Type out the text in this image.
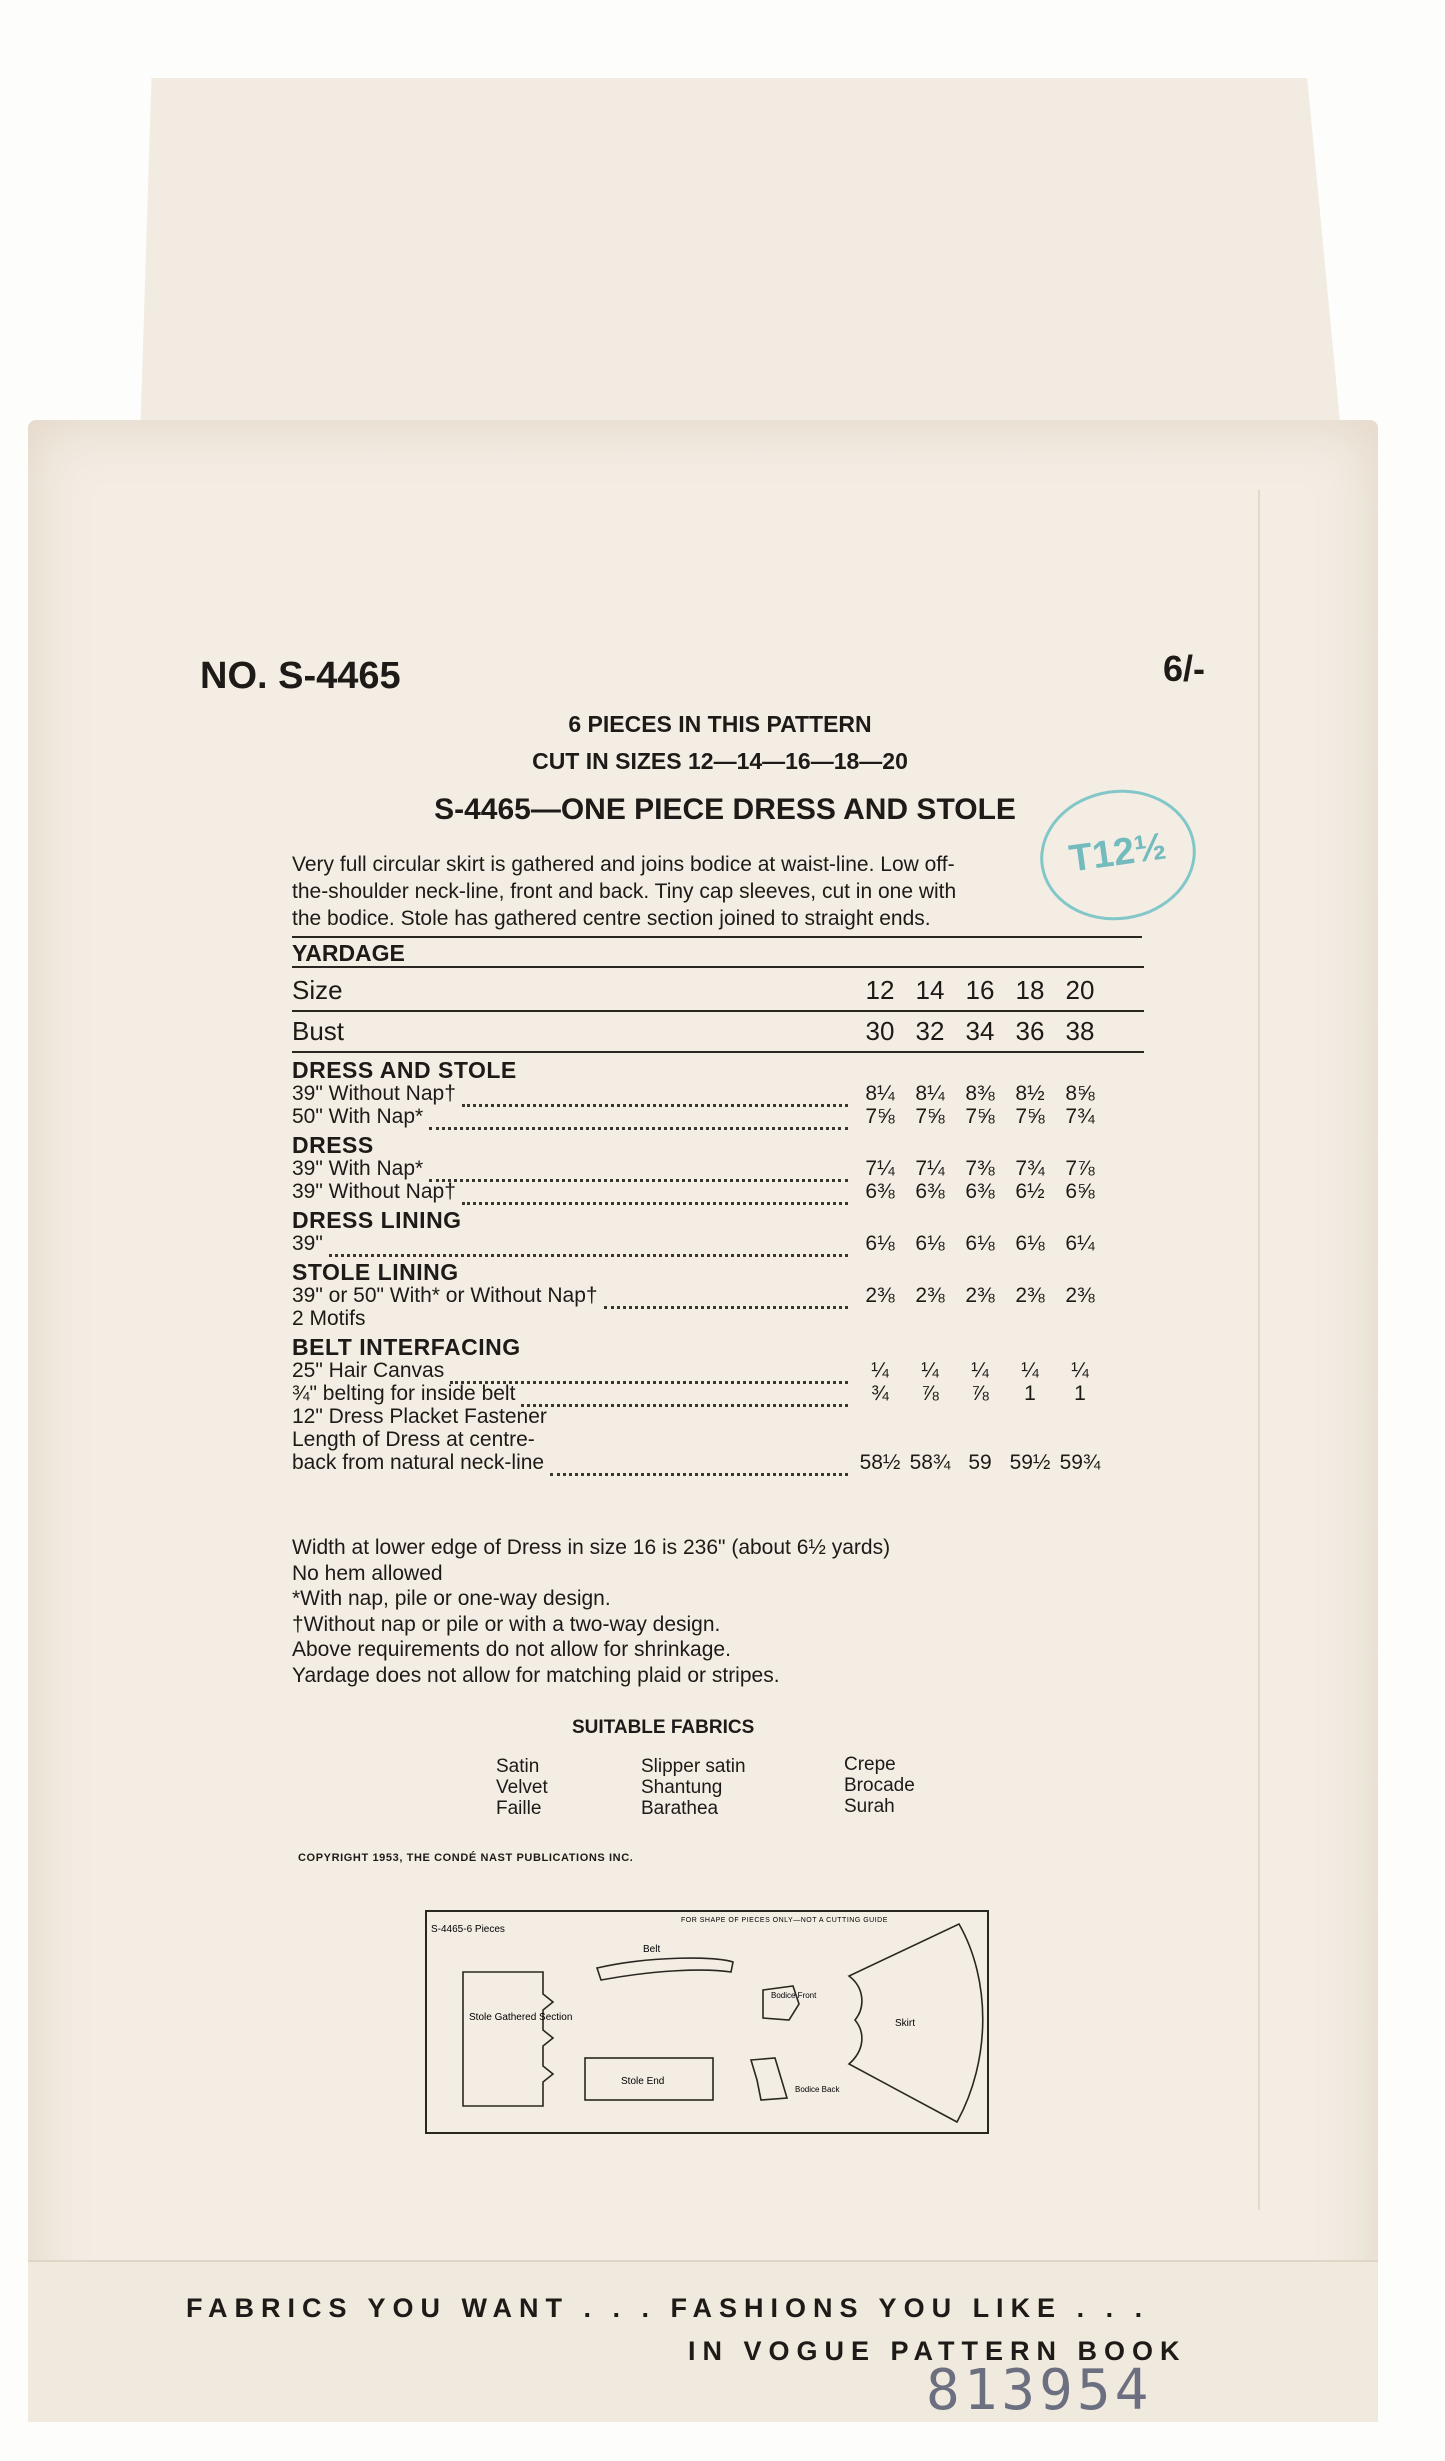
NO. S-4465	6/-
6 PIECES IN THIS PATTERN
CUT IN SIZES 12—14—16—18—20
S-4465—ONE PIECE DRESS AND STOLE
T12½
Very full circular skirt is gathered and joins bodice at waist-line. Low off-
the-shoulder neck-line, front and back. Tiny cap sleeves, cut in one with
the bodice. Stole has gathered centre section joined to straight ends.
YARDAGE
Size	12 14 16 18 20
Bust	30 32 34 36 38
DRESS AND STOLE
39" Without Nap†	8¼ 8¼ 8⅜ 8½ 8⅝
50" With Nap*	7⅝ 7⅝ 7⅝ 7⅝ 7¾
DRESS
39" With Nap*	7¼ 7¼ 7⅜ 7¾ 7⅞
39" Without Nap†	6⅜ 6⅜ 6⅜ 6½ 6⅝
DRESS LINING
39"	6⅛ 6⅛ 6⅛ 6⅛ 6¼
STOLE LINING
39" or 50" With* or Without Nap†	2⅜ 2⅜ 2⅜ 2⅜ 2⅜
2 Motifs
BELT INTERFACING
25" Hair Canvas	¼	¼	¼	¼	¼
¾" belting for inside belt	¾	⅞	⅞	1	1
12" Dress Placket Fastener
Length of Dress at centre-
back from natural neck-line	58½ 58¾ 59 59½ 59¾
Width at lower edge of Dress in size 16 is 236" (about 6½ yards)
No hem allowed
*With nap, pile or one-way design.
†Without nap or pile or with a two-way design.
Above requirements do not allow for shrinkage.
Yardage does not allow for matching plaid or stripes.
SUITABLE FABRICS
Satin
Velvet
Faille
Slipper satin
Shantung
Barathea
Crepe
Brocade
Surah
COPYRIGHT 1953, THE CONDÉ NAST PUBLICATIONS INC.
S-4465-6 Pieces
FOR SHAPE OF PIECES ONLY—NOT A CUTTING GUIDE
Stole Gathered Section
Belt
Stole End
Bodice Front
Bodice Back
Skirt
FABRICS YOU WANT . . . FASHIONS YOU LIKE . . .
IN VOGUE PATTERN BOOK
813954
